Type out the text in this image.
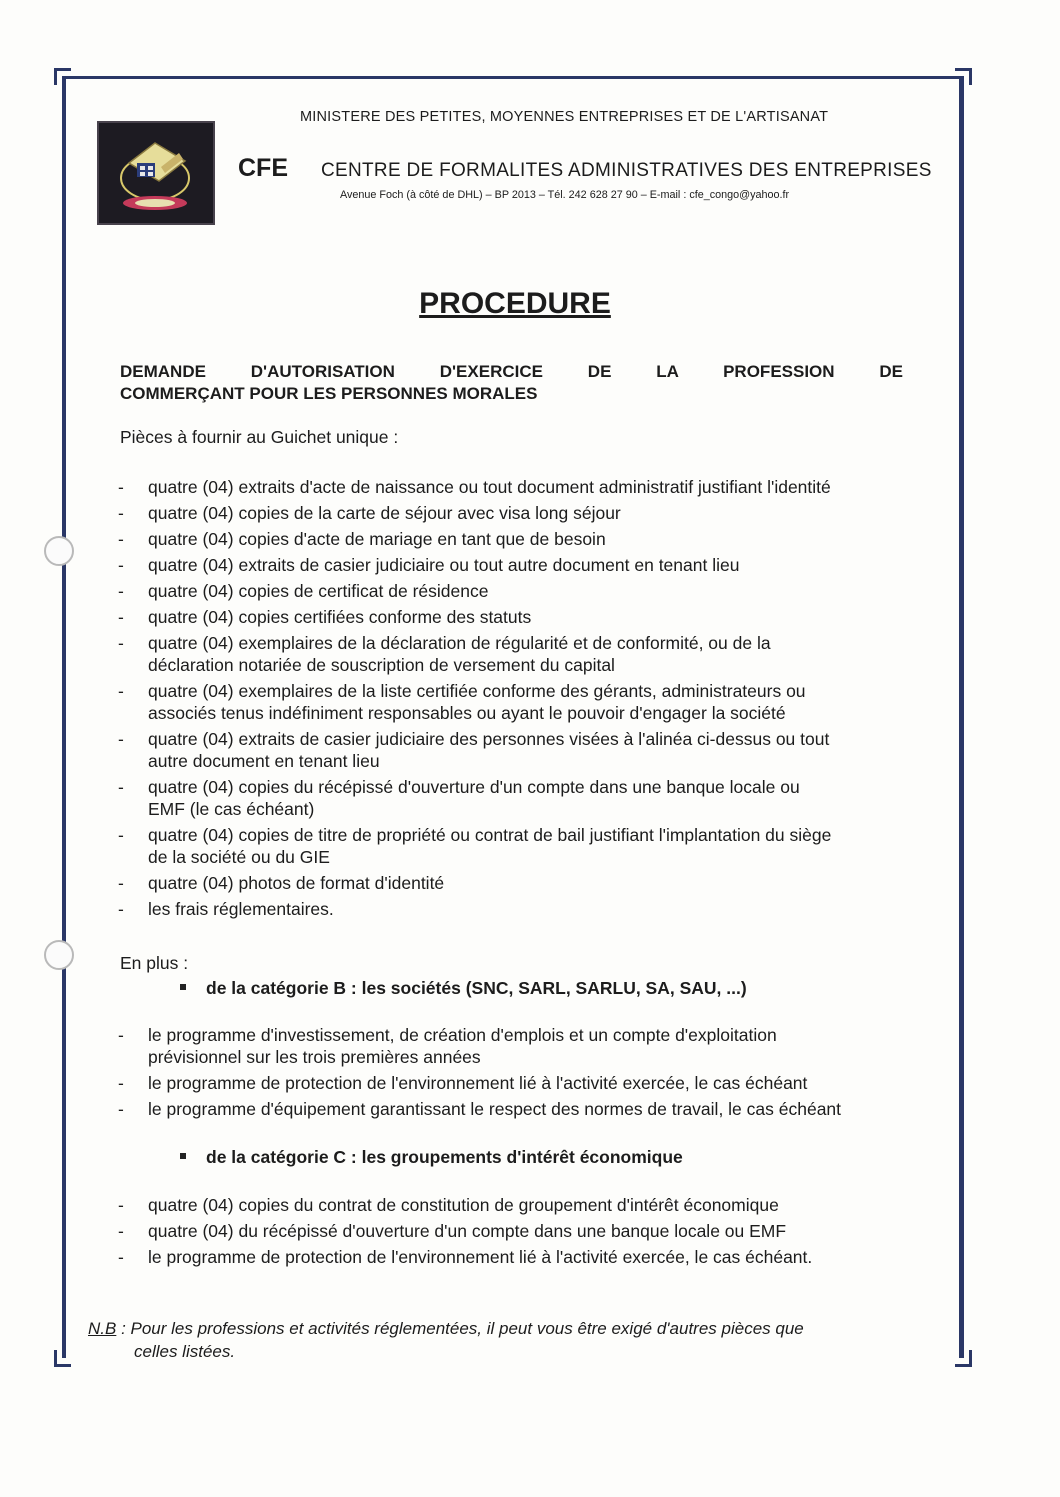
MINISTERE DES PETITES, MOYENNES ENTREPRISES ET DE L'ARTISANAT
CFE CENTRE DE FORMALITES ADMINISTRATIVES DES ENTREPRISES
Avenue Foch (à côté de DHL) – BP 2013 – Tél. 242 628 27 90 – E-mail : cfe_congo@yahoo.fr
PROCEDURE
DEMANDE D'AUTORISATION D'EXERCICE DE LA PROFESSION DE
COMMERÇANT POUR LES PERSONNES MORALES
Pièces à fournir au Guichet unique :
- quatre (04) extraits d'acte de naissance ou tout document administratif justifiant l'identité
- quatre (04) copies de la carte de séjour avec visa long séjour
- quatre (04) copies d'acte de mariage en tant que de besoin
- quatre (04) extraits de casier judiciaire ou tout autre document en tenant lieu
- quatre (04) copies de certificat de résidence
- quatre (04) copies certifiées conforme des statuts
- quatre (04) exemplaires de la déclaration de régularité et de conformité, ou de la
déclaration notariée de souscription de versement du capital
- quatre (04) exemplaires de la liste certifiée conforme des gérants, administrateurs ou
associés tenus indéfiniment responsables ou ayant le pouvoir d'engager la société
- quatre (04) extraits de casier judiciaire des personnes visées à l'alinéa ci-dessus ou tout
autre document en tenant lieu
- quatre (04) copies du récépissé d'ouverture d'un compte dans une banque locale ou
EMF (le cas échéant)
- quatre (04) copies de titre de propriété ou contrat de bail justifiant l'implantation du siège
de la société ou du GIE
- quatre (04) photos de format d'identité
- les frais réglementaires.
En plus :
de la catégorie B : les sociétés (SNC, SARL, SARLU, SA, SAU, ...)
- le programme d'investissement, de création d'emplois et un compte d'exploitation
prévisionnel sur les trois premières années
- le programme de protection de l'environnement lié à l'activité exercée, le cas échéant
- le programme d'équipement garantissant le respect des normes de travail, le cas échéant
de la catégorie C : les groupements d'intérêt économique
- quatre (04) copies du contrat de constitution de groupement d'intérêt économique
- quatre (04) du récépissé d'ouverture d'un compte dans une banque locale ou EMF
- le programme de protection de l'environnement lié à l'activité exercée, le cas échéant.
N.B : Pour les professions et activités réglementées, il peut vous être exigé d'autres pièces que
celles listées.
